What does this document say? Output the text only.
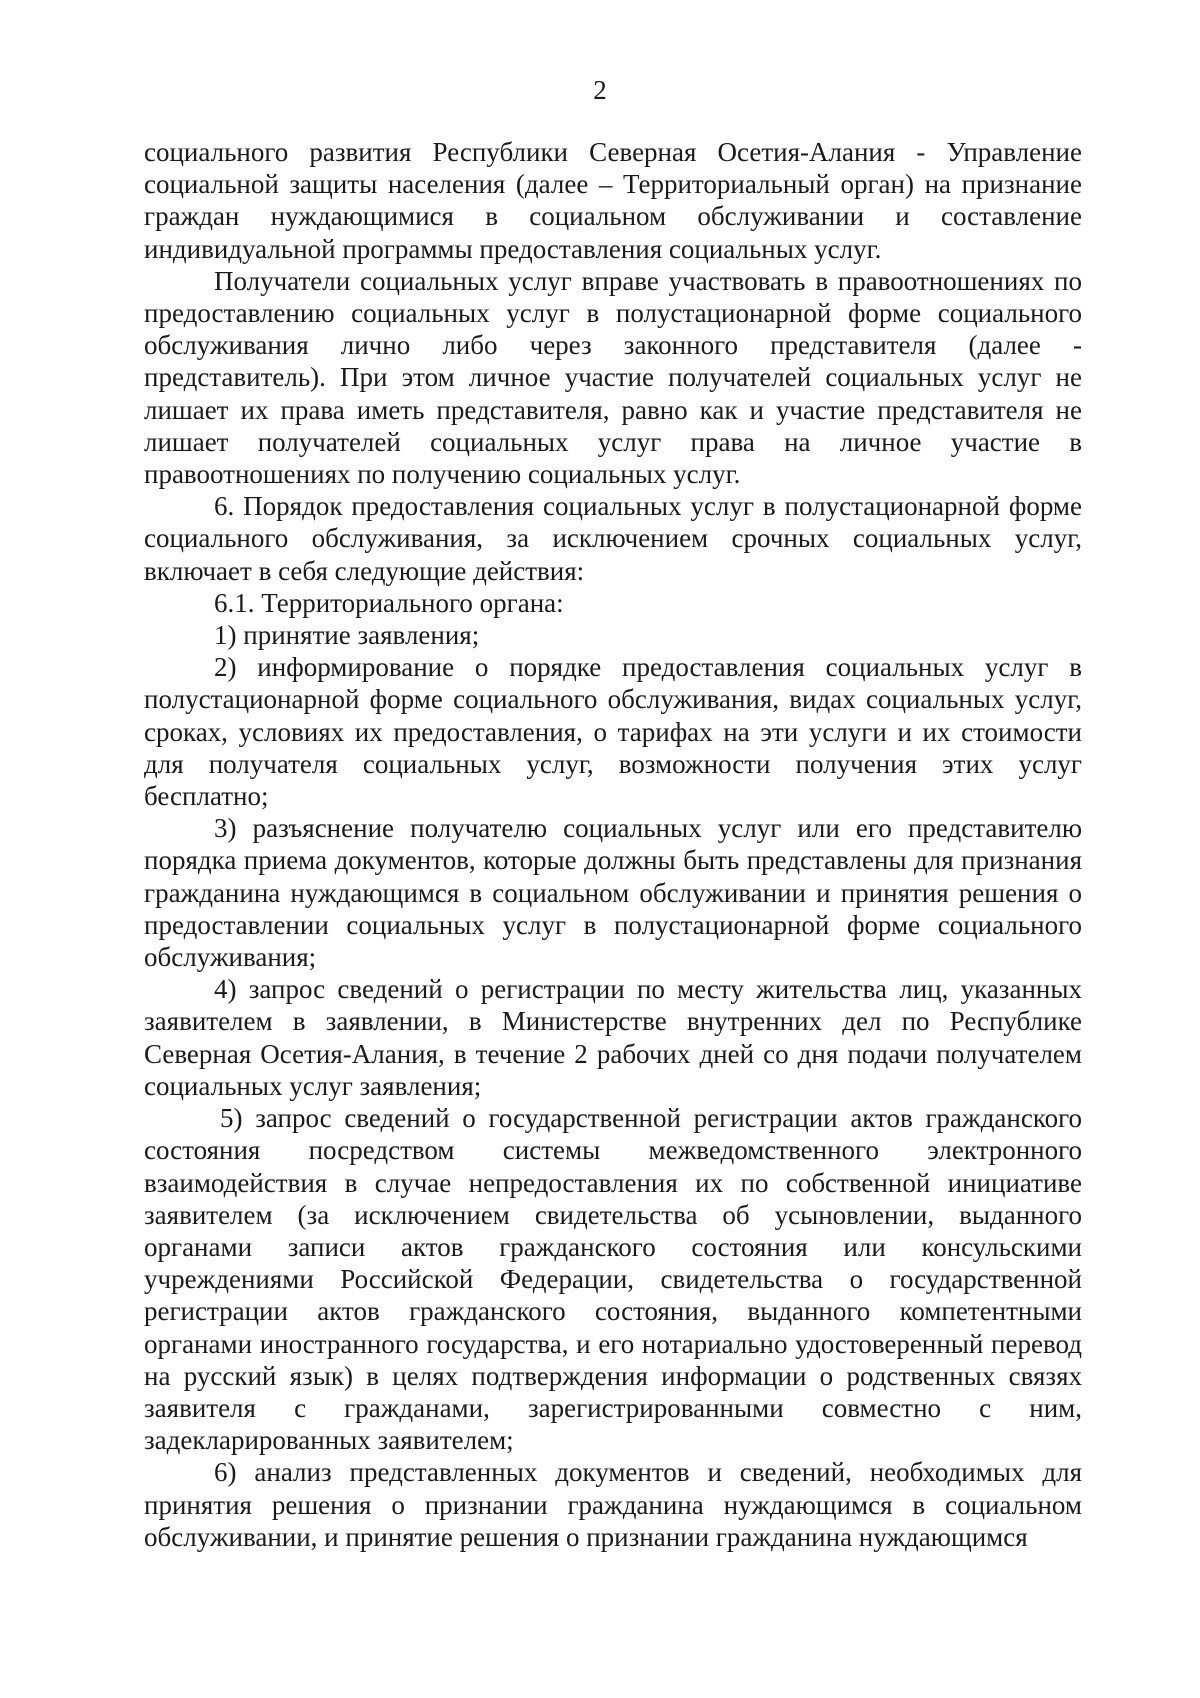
2

социального развития Республики Северная Осетия-Алания - Управление социальной защиты населения (далее – Территориальный орган) на признание граждан нуждающимися в социальном обслуживании и составление индивидуальной программы предоставления социальных услуг.

Получатели социальных услуг вправе участвовать в правоотношениях по предоставлению социальных услуг в полустационарной форме социального обслуживания лично либо через законного представителя (далее - представитель). При этом личное участие получателей социальных услуг не лишает их права иметь представителя, равно как и участие представителя не лишает получателей социальных услуг права на личное участие в правоотношениях по получению социальных услуг.

6. Порядок предоставления социальных услуг в полустационарной форме социального обслуживания, за исключением срочных социальных услуг, включает в себя следующие действия:

6.1. Территориального органа:

1) принятие заявления;

2) информирование о порядке предоставления социальных услуг в полустационарной форме социального обслуживания, видах социальных услуг, сроках, условиях их предоставления, о тарифах на эти услуги и их стоимости для получателя социальных услуг, возможности получения этих услуг бесплатно;

3) разъяснение получателю социальных услуг или его представителю порядка приема документов, которые должны быть представлены для признания гражданина нуждающимся в социальном обслуживании и принятия решения о предоставлении социальных услуг в полустационарной форме социального обслуживания;

4) запрос сведений о регистрации по месту жительства лиц, указанных заявителем в заявлении, в Министерстве внутренних дел по Республике Северная Осетия-Алания, в течение 2 рабочих дней со дня подачи получателем социальных услуг заявления;

5) запрос сведений о государственной регистрации актов гражданского состояния посредством системы межведомственного электронного взаимодействия в случае непредоставления их по собственной инициативе заявителем (за исключением свидетельства об усыновлении, выданного органами записи актов гражданского состояния или консульскими учреждениями Российской Федерации, свидетельства о государственной регистрации актов гражданского состояния, выданного компетентными органами иностранного государства, и его нотариально удостоверенный перевод на русский язык) в целях подтверждения информации о родственных связях заявителя с гражданами, зарегистрированными совместно с ним, задекларированных заявителем;

6) анализ представленных документов и сведений, необходимых для принятия решения о признании гражданина нуждающимся в социальном обслуживании, и принятие решения о признании гражданина нуждающимся
